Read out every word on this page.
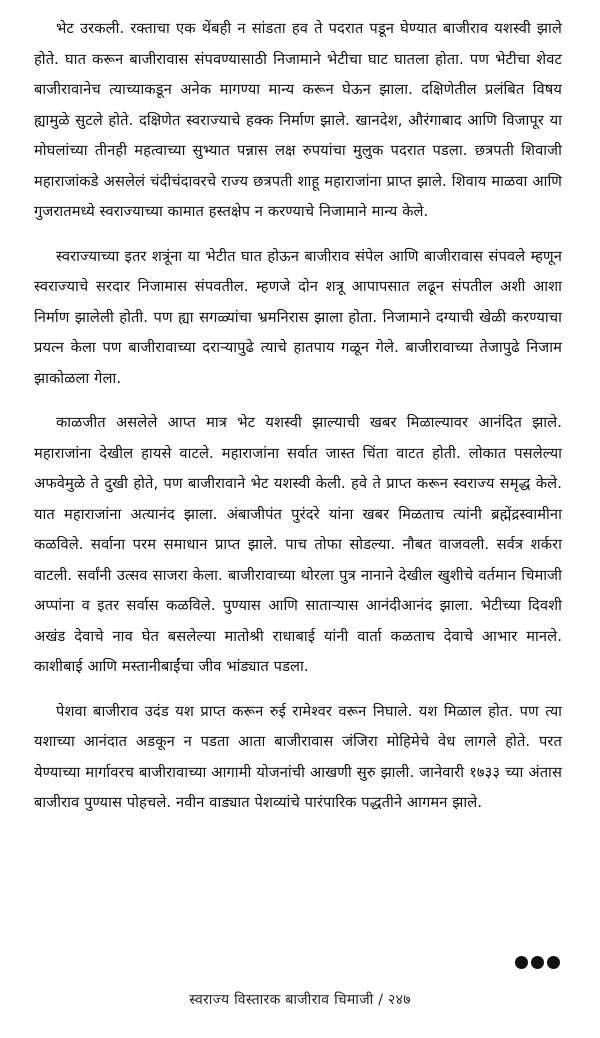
भेट उरकली. रक्ताचा एक थेंबही न सांडता हव ते पदरात पडून घेण्यात बाजीराव यशस्वी झाले होते. घात करून बाजीरावास संपवण्यासाठी निजामाने भेटीचा घाट घातला होता. पण भेटीचा शेवट बाजीरावानेच त्याच्याकडून अनेक मागण्या मान्य करून घेऊन झाला. दक्षिणेतील प्रलंबित विषय ह्यामुळे सुटले होते. दक्षिणेत स्वराज्याचे हक्क निर्माण झाले. खानदेश, औरंगाबाद आणि विजापूर या मोघलांच्या तीनही महत्वाच्या सुभ्यात पन्नास लक्ष रुपयांचा मुलुक पदरात पडला. छत्रपती शिवाजी महाराजांकडे असलेलं चंदीचंदावरचे राज्य छत्रपती शाहू महाराजांना प्राप्त झाले. शिवाय माळवा आणि गुजरातमध्ये स्वराज्याच्या कामात हस्तक्षेप न करण्याचे निजामाने मान्य केले.

स्वराज्याच्या इतर शत्रूंना या भेटीत घात होऊन बाजीराव संपेल आणि बाजीरावास संपवले म्हणून स्वराज्याचे सरदार निजामास संपवतील. म्हणजे दोन शत्रू आपापसात लढून संपतील अशी आशा निर्माण झालेली होती. पण ह्या सगळ्यांचा भ्रमनिरास झाला होता. निजामाने दग्याची खेळी करण्याचा प्रयत्न केला पण बाजीरावाच्या दराऱ्यापुढे त्याचे हातपाय गळून गेले. बाजीरावाच्या तेजापुढे निजाम झाकोळला गेला.

काळजीत असलेले आप्त मात्र भेट यशस्वी झाल्याची खबर मिळाल्यावर आनंदित झाले. महाराजांना देखील हायसे वाटले. महाराजांना सर्वात जास्त चिंता वाटत होती. लोकात पसलेल्या अफवेमुळे ते दुखी होते, पण बाजीरावाने भेट यशस्वी केली. हवे ते प्राप्त करून स्वराज्य समृद्ध केले. यात महाराजांना अत्यानंद झाला. अंबाजीपंत पुरंदरे यांना खबर मिळताच त्यांनी ब्रह्मेंद्रस्वामीना कळविले. सर्वाना परम समाधान प्राप्त झाले. पाच तोफा सोडल्या. नौबत वाजवली. सर्वत्र शर्करा वाटली. सर्वांनी उत्सव साजरा केला. बाजीरावाच्या थोरला पुत्र नानाने देखील खुशीचे वर्तमान चिमाजी अप्पांना व इतर सर्वास कळविले. पुण्यास आणि साताऱ्यास आनंदीआनंद झाला. भेटीच्या दिवशी अखंड देवाचे नाव घेत बसलेल्या मातोश्री राधाबाई यांनी वार्ता कळताच देवाचे आभार मानले. काशीबाई आणि मस्तानीबाईंचा जीव भांड्यात पडला.

पेशवा बाजीराव उदंड यश प्राप्त करून रुई रामेश्वर वरून निघाले. यश मिळाल होत. पण त्या यशाच्या आनंदात अडकून न पडता आता बाजीरावास जंजिरा मोहिमेचे वेध लागले होते. परत येण्याच्या मार्गावरच बाजीरावाच्या आगामी योजनांची आखणी सुरु झाली. जानेवारी १७३३ च्या अंतास बाजीराव पुण्यास पोहचले. नवीन वाड्यात पेशव्यांचे पारंपारिक पद्धतीने आगमन झाले.

स्वराज्य विस्तारक बाजीराव चिमाजी / २४७
